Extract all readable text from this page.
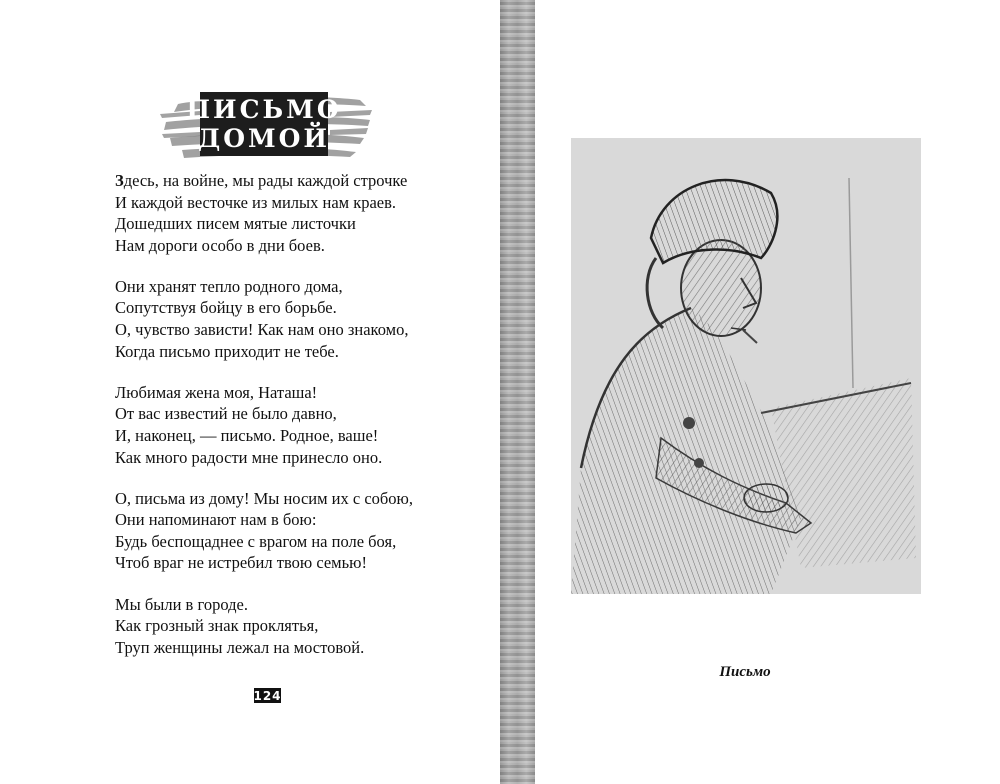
ПИСЬМО
ДОМОЙ
Здесь, на войне, мы рады каждой строчке
И каждой весточке из милых нам краев.
Дошедших писем мятые листочки
Нам дороги особо в дни боев.
Они хранят тепло родного дома,
Сопутствуя бойцу в его борьбе.
О, чувство зависти! Как нам оно знакомо,
Когда письмо приходит не тебе.
Любимая жена моя, Наташа!
От вас известий не было давно,
И, наконец, — письмо. Родное, ваше!
Как много радости мне принесло оно.
О, письма из дому! Мы носим их с собою,
Они напоминают нам в бою:
Будь беспощаднее с врагом на поле боя,
Чтоб враг не истребил твою семью!
Мы были в городе.
Как грозный знак проклятья,
Труп женщины лежал на мостовой.
124
Письмо
